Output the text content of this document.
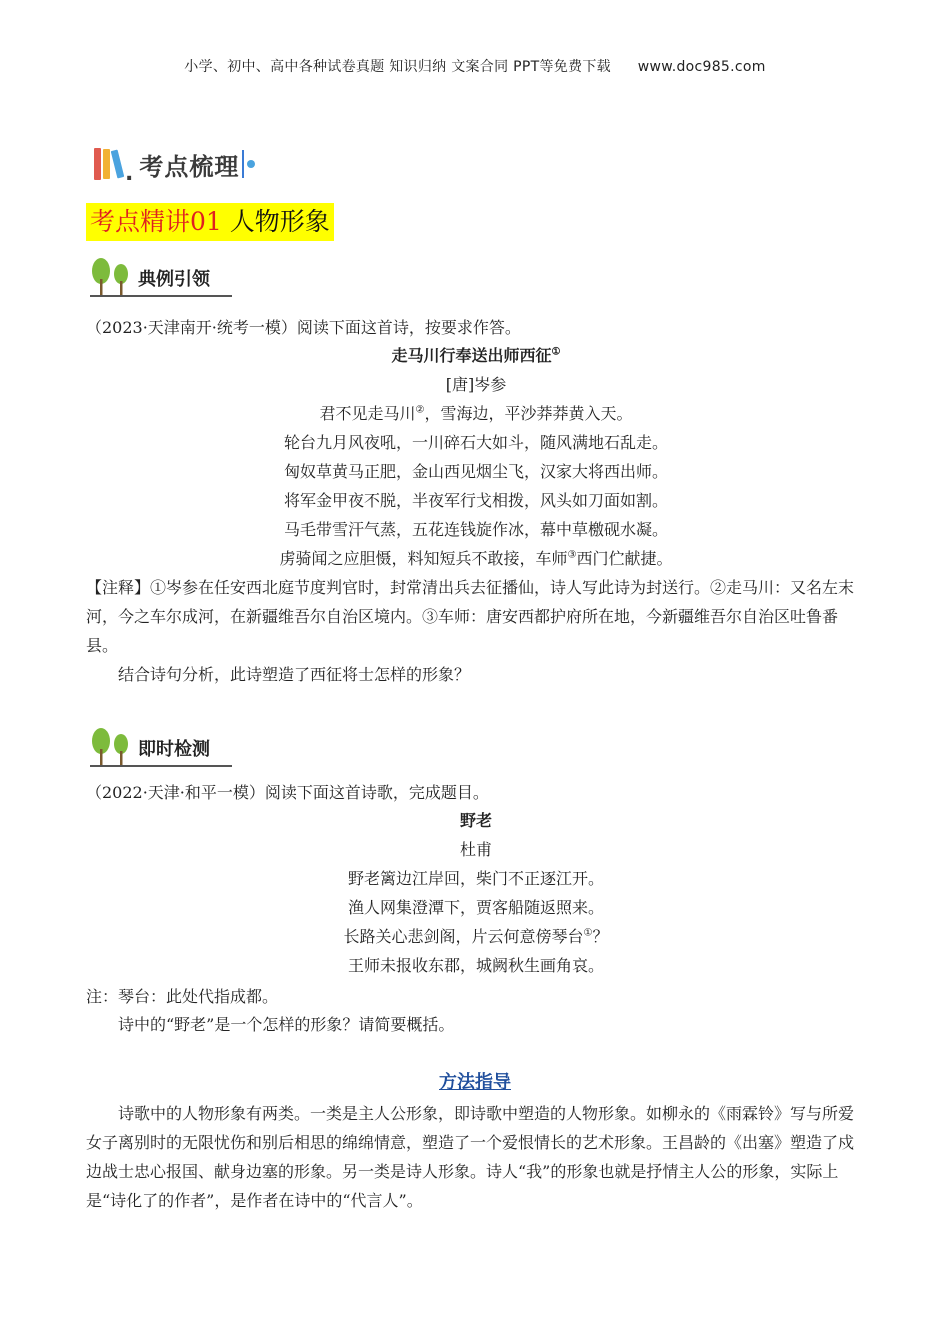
小学、初中、高中各种试卷真题 知识归纳 文案合同 PPT等免费下载 www.doc985.com
. 考点梳理
考点精讲01 人物形象
典例引领
（2023·天津南开·统考一模）阅读下面这首诗，按要求作答。
走马川行奉送出师西征①
[唐]岑参
君不见走马川②，雪海边，平沙莽莽黄入天。
轮台九月风夜吼，一川碎石大如斗，随风满地石乱走。
匈奴草黄马正肥，金山西见烟尘飞，汉家大将西出师。
将军金甲夜不脱，半夜军行戈相拨，风头如刀面如割。
马毛带雪汗气蒸，五花连钱旋作冰，幕中草檄砚水凝。
虏骑闻之应胆慑，料知短兵不敢接，车师③西门伫献捷。
【注释】①岑参在任安西北庭节度判官时，封常清出兵去征播仙，诗人写此诗为封送行。②走马川：又名左末河，今之车尔成河，在新疆维吾尔自治区境内。③车师：唐安西都护府所在地，今新疆维吾尔自治区吐鲁番县。
结合诗句分析，此诗塑造了西征将士怎样的形象？
即时检测
（2022·天津·和平一模）阅读下面这首诗歌，完成题目。
野老
杜甫
野老篱边江岸回，柴门不正逐江开。
渔人网集澄潭下，贾客船随返照来。
长路关心悲剑阁，片云何意傍琴台①？
王师未报收东郡，城阙秋生画角哀。
注：琴台：此处代指成都。
诗中的“野老”是一个怎样的形象？请简要概括。
方法指导
诗歌中的人物形象有两类。一类是主人公形象，即诗歌中塑造的人物形象。如柳永的《雨霖铃》写与所爱女子离别时的无限忧伤和别后相思的绵绵情意，塑造了一个爱恨情长的艺术形象。王昌龄的《出塞》塑造了戍边战士忠心报国、献身边塞的形象。另一类是诗人形象。诗人“我”的形象也就是抒情主人公的形象，实际上是“诗化了的作者”，是作者在诗中的“代言人”。
